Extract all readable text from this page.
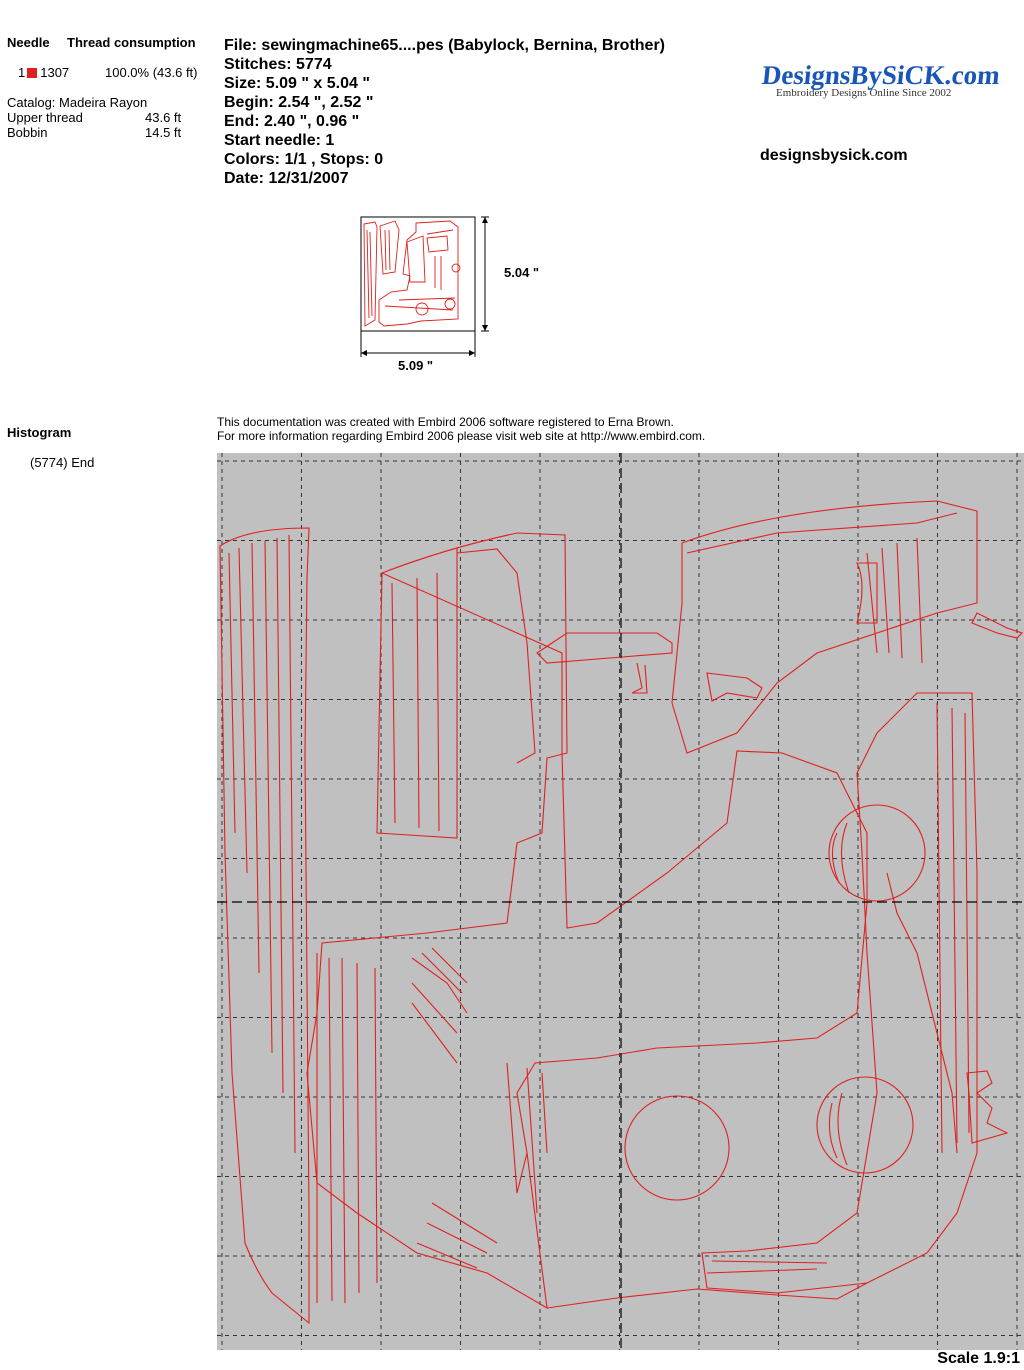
Needle Thread consumption
1 1307	100.0% (43.6 ft)
Catalog: Madeira Rayon
Upper thread	43.6 ft
Bobbin	14.5 ft
File: sewingmachine65....pes (Babylock, Bernina, Brother)
Stitches: 5774
Size: 5.09 " x 5.04 "
Begin: 2.54 ", 2.52 "
End: 2.40 ", 0.96 "
Start needle: 1
Colors: 1/1 , Stops: 0
Date: 12/31/2007
DesignsBySiCK.com
Embroidery Designs Online Since 2002
designsbysick.com
5.04 "
5.09 "
Histogram
(5774) End
This documentation was created with Embird 2006 software registered to Erna Brown.
For more information regarding Embird 2006 please visit web site at http://www.embird.com.
Scale 1.9:1
